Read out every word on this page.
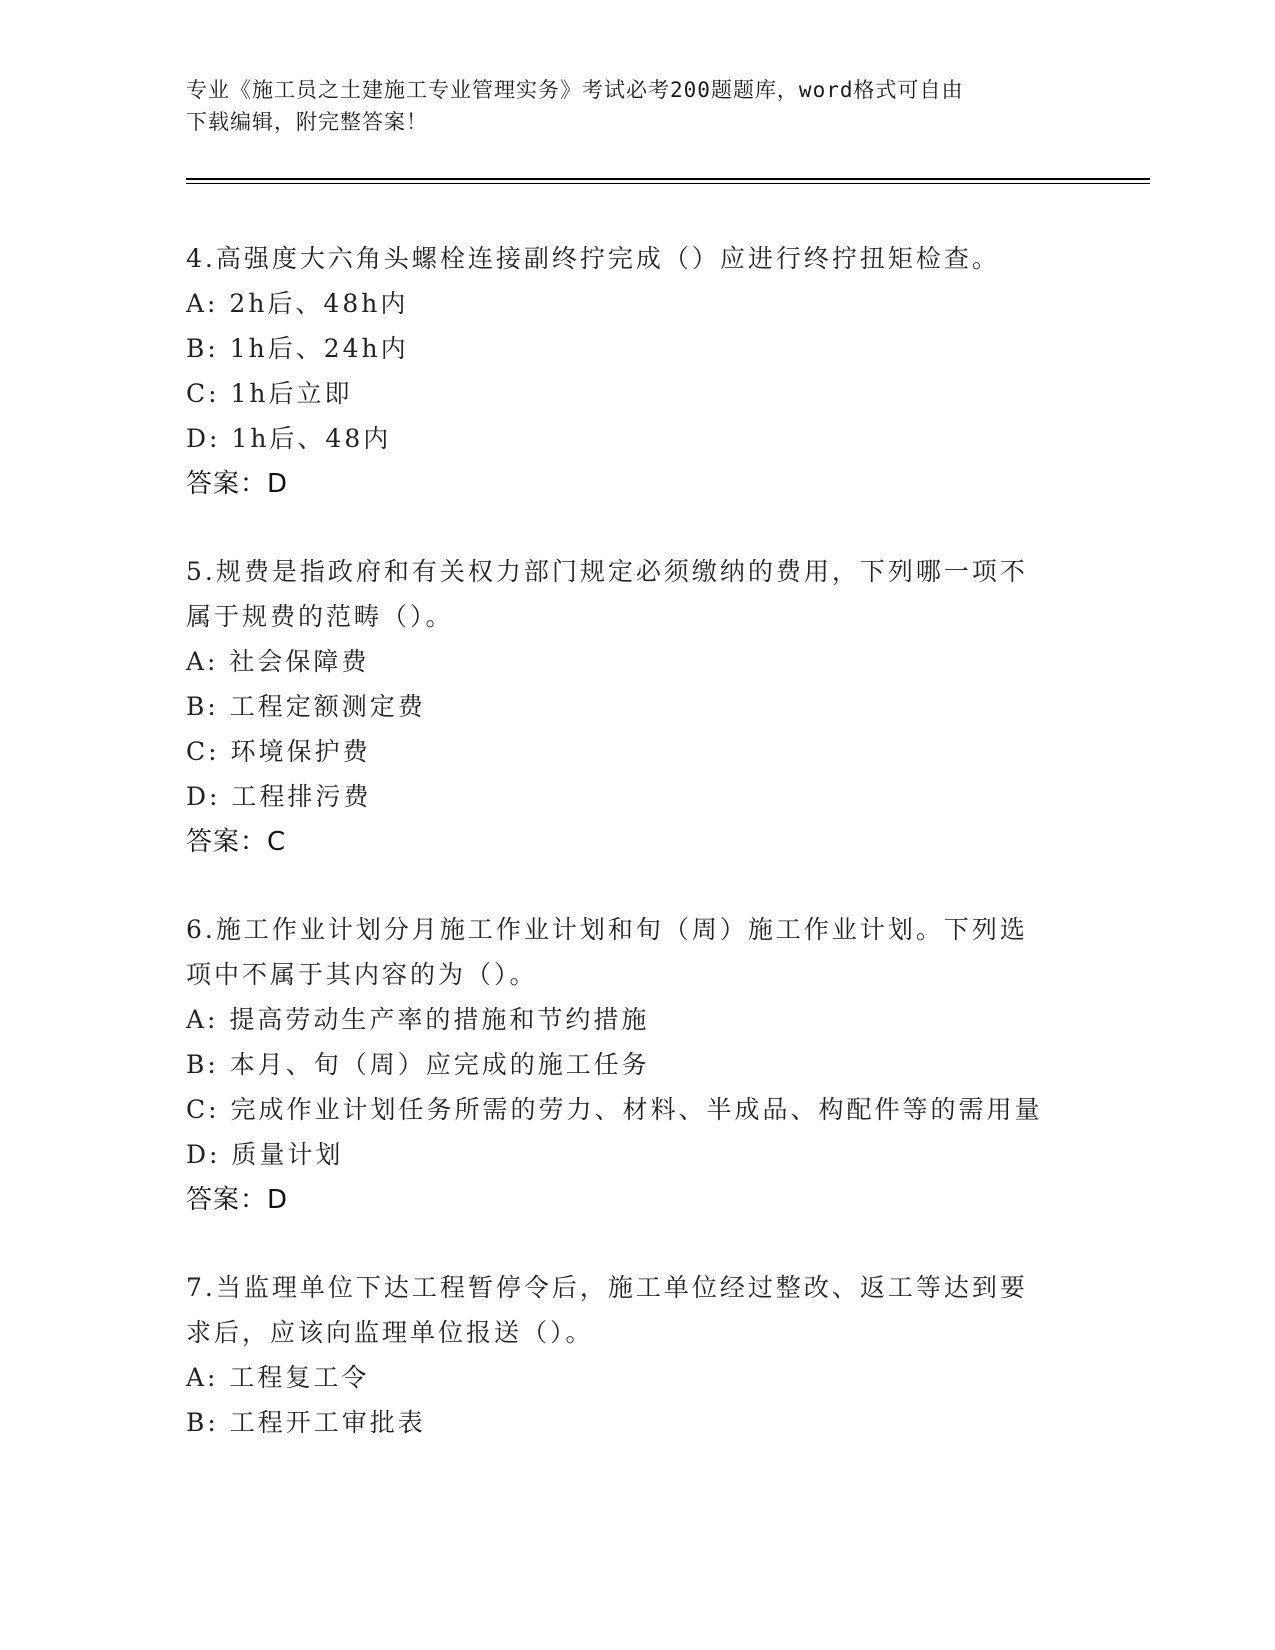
专业《施工员之土建施工专业管理实务》考试必考200题题库，word格式可自由
下载编辑，附完整答案！
4.高强度大六角头螺栓连接副终拧完成（）应进行终拧扭矩检查。
A: 2h后、48h内
B: 1h后、24h内
C: 1h后立即
D: 1h后、48内
答案：D
5.规费是指政府和有关权力部门规定必须缴纳的费用，下列哪一项不
属于规费的范畴（）。
A: 社会保障费
B: 工程定额测定费
C: 环境保护费
D: 工程排污费
答案：C
6.施工作业计划分月施工作业计划和旬（周）施工作业计划。下列选
项中不属于其内容的为（）。
A: 提高劳动生产率的措施和节约措施
B: 本月、旬（周）应完成的施工任务
C: 完成作业计划任务所需的劳力、材料、半成品、构配件等的需用量
D: 质量计划
答案：D
7.当监理单位下达工程暂停令后，施工单位经过整改、返工等达到要
求后，应该向监理单位报送（）。
A: 工程复工令
B: 工程开工审批表
